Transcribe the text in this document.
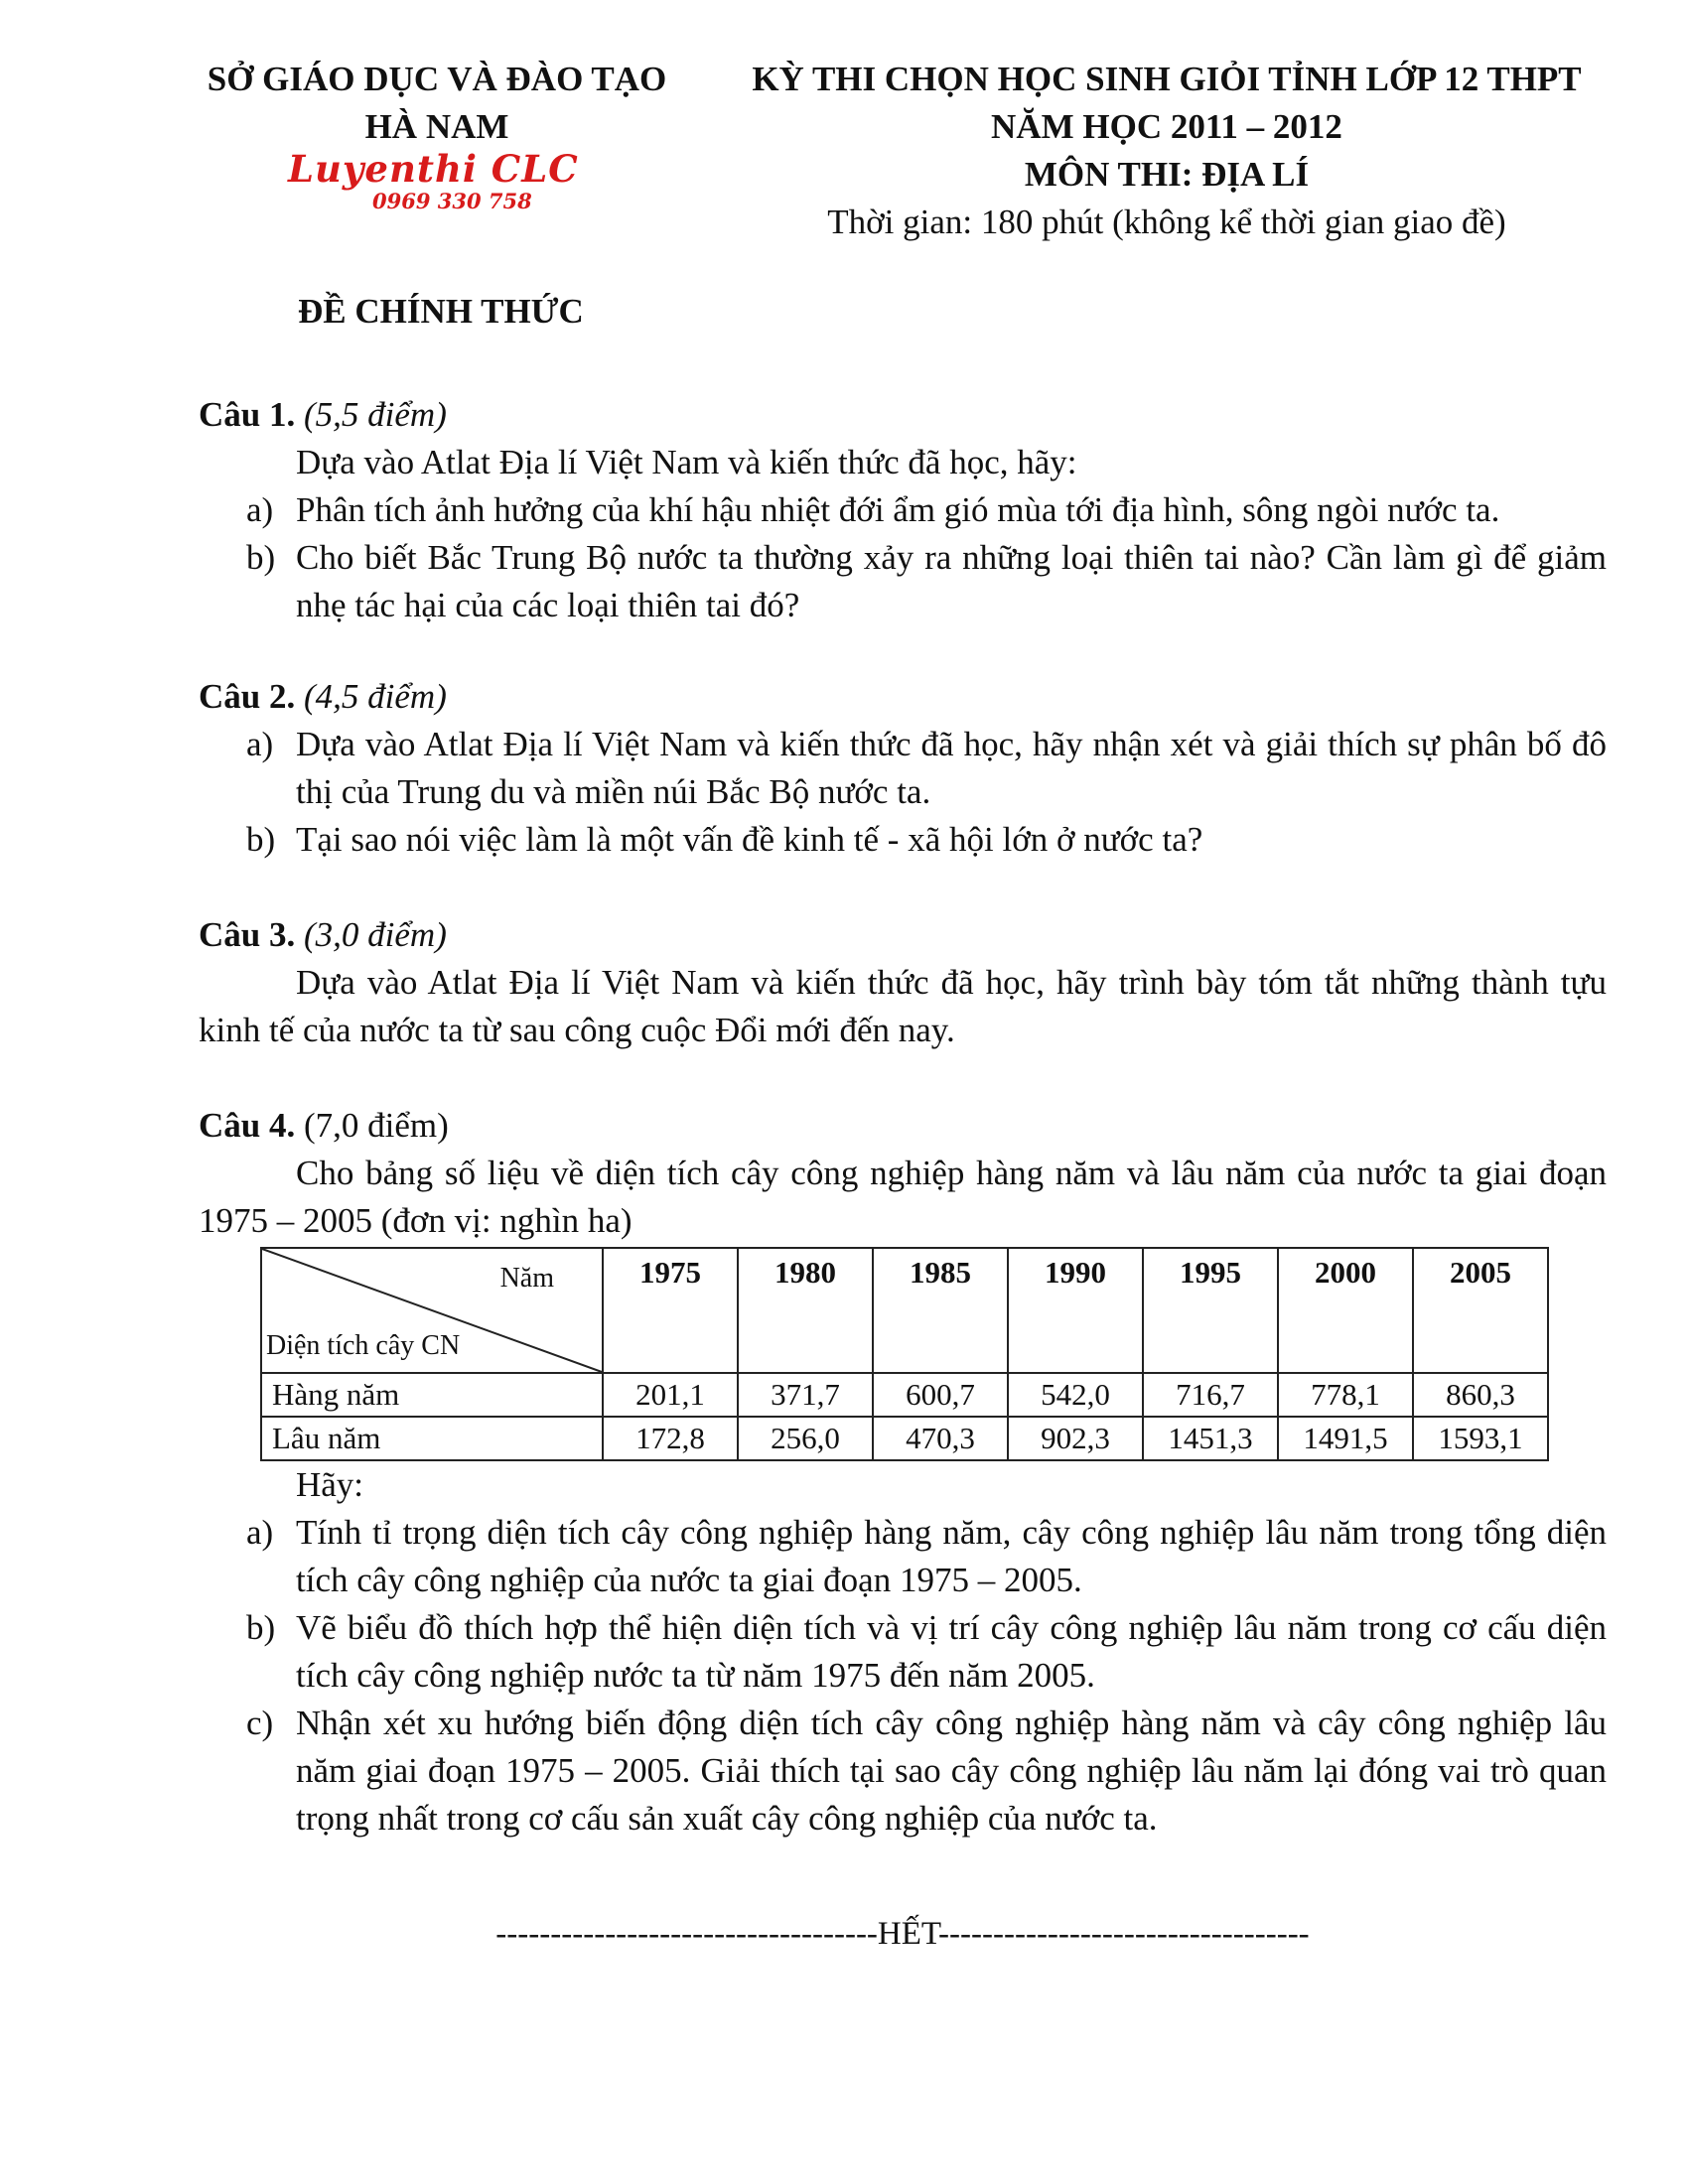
SỞ GIÁO DỤC VÀ ĐÀO TẠO
HÀ NAM
Luyenthi CLC
0969 330 758
KỲ THI CHỌN HỌC SINH GIỎI TỈNH LỚP 12 THPT
NĂM HỌC 2011 – 2012
MÔN THI: ĐỊA LÍ
Thời gian: 180 phút (không kể thời gian giao đề)
ĐỀ CHÍNH THỨC
Câu 1. (5,5 điểm)
Dựa vào Atlat Địa lí Việt Nam và kiến thức đã học, hãy:
a) Phân tích ảnh hưởng của khí hậu nhiệt đới ẩm gió mùa tới địa hình, sông ngòi nước ta.
b) Cho biết Bắc Trung Bộ nước ta thường xảy ra những loại thiên tai nào? Cần làm gì để giảm
nhẹ tác hại của các loại thiên tai đó?
Câu 2. (4,5 điểm)
a) Dựa vào Atlat Địa lí Việt Nam và kiến thức đã học, hãy nhận xét và giải thích sự phân bố đô
thị của Trung du và miền núi Bắc Bộ nước ta.
b) Tại sao nói việc làm là một vấn đề kinh tế - xã hội lớn ở nước ta?
Câu 3. (3,0 điểm)
Dựa vào Atlat Địa lí Việt Nam và kiến thức đã học, hãy trình bày tóm tắt những thành tựu
kinh tế của nước ta từ sau công cuộc Đổi mới đến nay.
Câu 4. (7,0 điểm)
Cho bảng số liệu về diện tích cây công nghiệp hàng năm và lâu năm của nước ta giai đoạn
1975 – 2005 (đơn vị: nghìn ha)
Năm
Diện tích cây CN	1975	1980	1985	1990	1995	2000	2005
Hàng năm	201,1	371,7	600,7	542,0	716,7	778,1	860,3
Lâu năm	172,8	256,0	470,3	902,3	1451,3	1491,5	1593,1
Hãy:
a) Tính tỉ trọng diện tích cây công nghiệp hàng năm, cây công nghiệp lâu năm trong tổng diện
tích cây công nghiệp của nước ta giai đoạn 1975 – 2005.
b) Vẽ biểu đồ thích hợp thể hiện diện tích và vị trí cây công nghiệp lâu năm trong cơ cấu diện
tích cây công nghiệp nước ta từ năm 1975 đến năm 2005.
c) Nhận xét xu hướng biến động diện tích cây công nghiệp hàng năm và cây công nghiệp lâu
năm giai đoạn 1975 – 2005. Giải thích tại sao cây công nghiệp lâu năm lại đóng vai trò quan
trọng nhất trong cơ cấu sản xuất cây công nghiệp của nước ta.
-----------------------------------HẾT----------------------------------
